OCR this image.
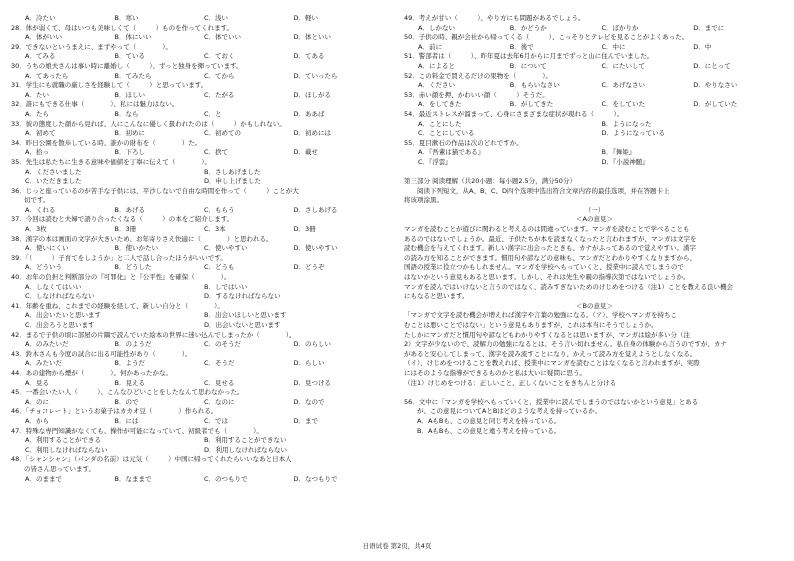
A．冷たい	B．寒い	C．浅い	D．軽い
28．体が弱くて、母はいつも美味しくて（　　　）ものを作ってくれます。
A．体がいい	B．体にいい	C．体でいい	D．体といい
29．できないというまえに、まずやって（　　　　）。
A．てみる	B．ている	C．ておく	D．てある
30．うちの娘夫さんは事い時に離婚し（　　　）、ずっと独身を揮っています。
A．てあったら	B．てみたら	C．てから	D．ていったら
31．学生にも就職の厳しさを経験して（　　　）と思っています。
A．たい	B．ほしい	C．たがる	D．ほしがる
32．誰にもできる仕事（　　　　）、私には魅力はない。
A．たら	B．なら	C．と	D．ああば
33．彼の態度した顔から見れば、人にこんなに優しく扱われたのは（　　　）かもしれない。
A．初めて	B．初めに	C．初めての	D．初めには
34．昨日公園を散歩している時、誰かの財布を（　　　　）た。
A．拾っ	B．下ろし	C．捨て	D．載せ
35．先生は私たちに生きる意味や価値を丁寧に伝えて（　　　　）。
A．くださいました	B．さしあげました
C．いただきました	D．申し上げました
36．じっと座っているのが苦手な子供には、平沙しないで自由な時間を作って（　　　）ことが大
　　切です。
A．くれる	B．あげる	C．もらう	D．さしあげる
37．今回は読むと夫婦で語り合ったくなる（　　　）の本をご紹介します。
A．3枚	B．3冊	C．3本	D．3冊
38．漢字の本は画面の文字が大きいため、お年寄りさえ快適に（　　　　）と思われる。
A．使いにくい	B．使いかたい	C．使いやすい	D．使いやすい
39．「（　　　）子育てをしようか」と二人で話し合ったほうがいいです。
A．どういう	B．どうした	C．どうも	D．どうぞ
40．お年の負担と判断部分の『可罪化』と『公平性』を確保（　　　　）。
A．しなくてはいい	B．しではいい
C．しなければならない	D．するなければならない
41．年齢を重ね、これまでの経験を経して、新しい自分と（　　　　）。
A．出会いたいと思います	B．出会いほしいと思います
C．出会ろうと思います	D．出会いないと思います
42．まるで子供の頃に部屋の片隅で読んでいた絵本の世界に迷い込んでしまったか（　　　　）。
A．のみたいだ	B．のようだ	C．のそうだ	D．のらしい
43．鈴木さんも今度の試合に出る可能性があり（　　　　）。
A．みたいだ	B．ようだ	C．そうだ	D．らしい
44．あの建物から煙が（　　　　）。何かあったかな。
A．見る	B．見える	C．見せる	D．見つける
45．一番会いたい人（　　　）、こんなひどいことをしたなんて思わなかった。
A．のに	B．ので	C．なのに	D．なので
46．「チョコレート」というお菓子はカカオ豆（　　　　）作られる。
A．から	B．には	C．では	D．まで
47．特殊な専門知識がなくても、操作が可能になっていて、初級者でも（　　　　）。
A．利用することができる	B．利用することができない
C．利用しなければならない	D．利用しなければならない
48．「シャンシャン」（パンダの名前）は元気（　　　）中国に帰ってくれたらいいなあと日本人
　　の皆さん思っています。
A．のままで	B．なままで	C．のつもりで	D．なつもりで
49．考えが甘い（　　　）、やり方にも問題があるでしょう。
A．しかない	B．かどうか	C．ばかりか	D．までに
50．子供の時、親が会社から帰ってくる（　　　）、こっそりとテレビを見ることがよくあった。
A．前に	B．後で	C．中に	D．中
51．警部者は（　　　）、昨年夏は去年6月からに月までずっと山に住んでいました。
A．によると	B．について	C．にたいして	D．にとって
52．この料金で買えるだけの果物を（　　　　）。
A．ください	B．もらいなさい	C．あげなさい	D．やりなさい
53．赤い顔を押、かわいい顔（　　　）そうだ。
A．をしてきた	B．がしてきた	C．をしていた	D．がしていた
54．最近ストレスが溜まって、心身にさまざまな症状が現れる（　　　）。
A．ことにした	B．ようになった
C．ことにしている	D．ようになっている
55．夏目漱石の作品は次のどれですか。
A．『吾輩は猫である』	B．『舞姫』
C．『浮雲』	D．『小説神髄』
第三部分 阅读理解（共20小题：每小题2.5分，满分50分）
　　阅读下列短文，从A、B、C、D四个选项中选出符合文章内容的最佳选项，并在答题卡上
将该项涂黑。
（一）
＜Aの意見＞
マンガを読むことが遊びに関わると考えるのは間違っています。マンガを読むことで学べることも
あるのではないでしょうか。最近、子供たちが本を読まなくなったと言われますが、マンガは文字を
読む機会を与えてくれます。新しい漢字に出会ったときも、カナがふってあるので覚えやすい。漢字
の読み方を知ることができます。慣用句や諺などの意味も、マンガだとわかりやすくなりますから、
国語の授業に役立つかもしれません。マンガを学校へもっていくと、授業中に読んでしまうので
はないかという意見もあると思います。しかし、それは先生や親の指導次第ではないでしょうか。
マンガを読んではいけないと言うのではなく、読みすぎないためのけじめをつける（注1）ことを教える良い機会
にもなると思います。
＜Bの意見＞
「マンガで文字を読む機会が増えれば漢字や言葉の勉強になる。（ア）、学校へマンガを持ちこ
むことは悪いことではない」という意見もありますが、これは本当にそうでしょうか。
たしかにマンガだと慣用句や諺などもわかりやすくなるとは思いますが、マンガは絵が多い分（注
2）文字が少ないので、読解力の勉強になるとは、そう言い切れません。私自身の体験から言うのですが、カナ
があると安心してしまって、漢字を読み流すことになり、かえって読み方を覚えようとしなくなる。
（イ）、けじめをつけることを教えれば、授業中にマンガを読むことはなくなると言われますが、実際
にはそのような指導ができるものかと私は大いに疑問に思う。
（注1）けじめをつける：正しいこと、正しくないことをきちんと分ける
56．文中に「マンガを学校へもっていくと、授業中に読んでしまうのではないかという意見」とある
　　が、この意見についてAとBはどのような考えを持っているか。
　　A．AもBも、この意見と同じ考えを持っている。
　　B．AもBも、この意見と違う考えを持っている。
日语试卷 第2页，共4页
